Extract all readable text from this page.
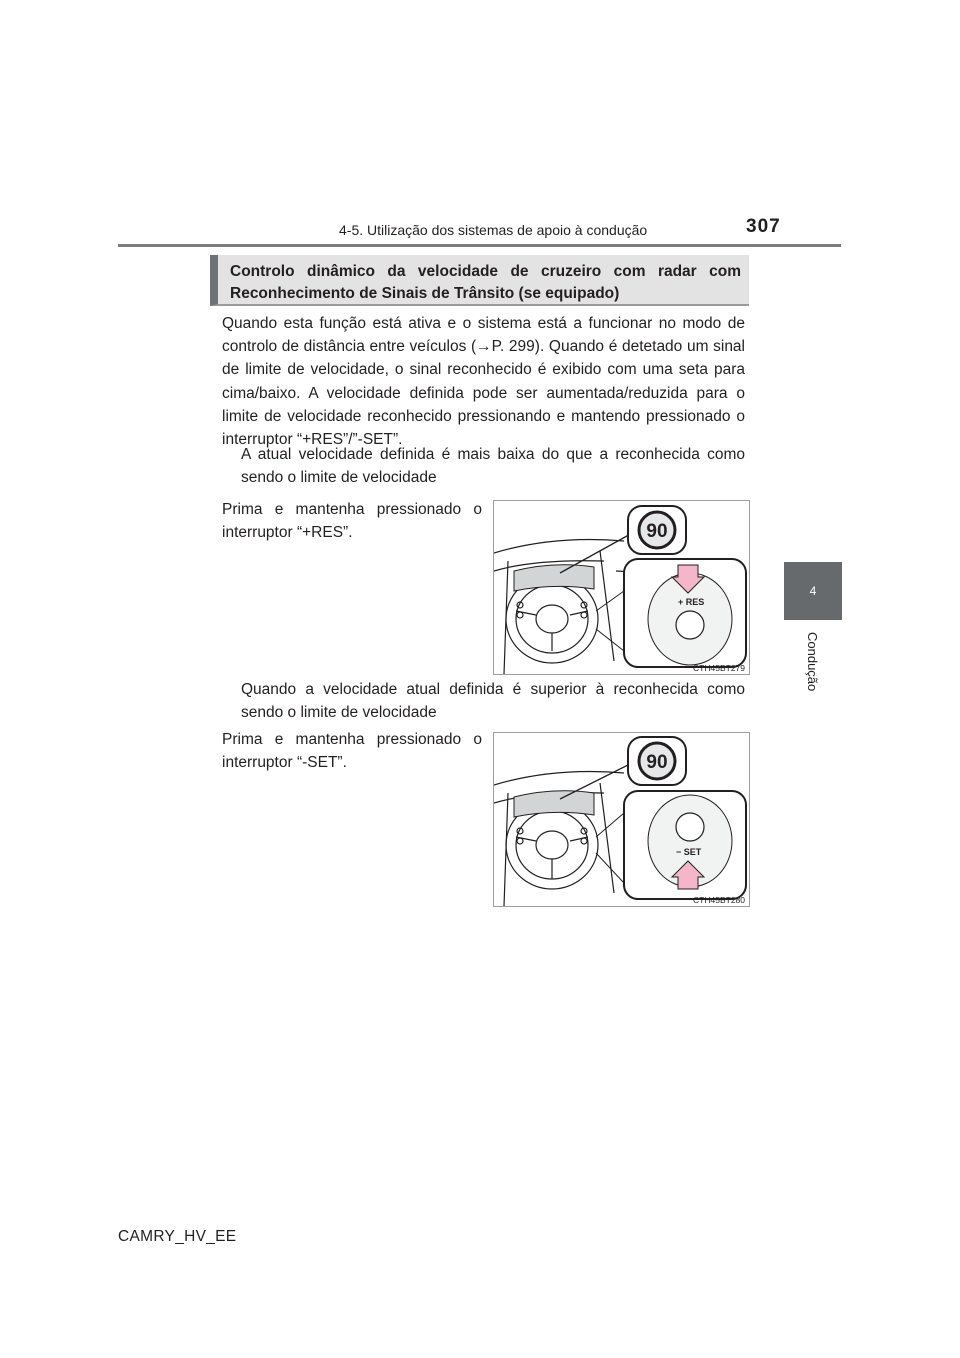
4-5. Utilização dos sistemas de apoio à condução	307
4
Condução
Controlo dinâmico da velocidade de cruzeiro com radar com Reconhecimento de Sinais de Trânsito (se equipado)
Quando esta função está ativa e o sistema está a funcionar no modo de controlo de distância entre veículos (→P. 299). Quando é detetado um sinal de limite de velocidade, o sinal reconhecido é exibido com uma seta para cima/baixo. A velocidade definida pode ser aumentada/reduzida para o limite de velocidade reconhecido pressionando e mantendo pressionado o interruptor “+RES”/”-SET”.
A atual velocidade definida é mais baixa do que a reconhecida como sendo o limite de velocidade
Prima e mantenha pressionado o interruptor “+RES”.	90
+ RES
CTH45BT279
Quando a velocidade atual definida é superior à reconhecida como sendo o limite de velocidade
Prima e mantenha pressionado o interruptor “-SET”.	90
− SET
CTH45BT280
CAMRY_HV_EE
